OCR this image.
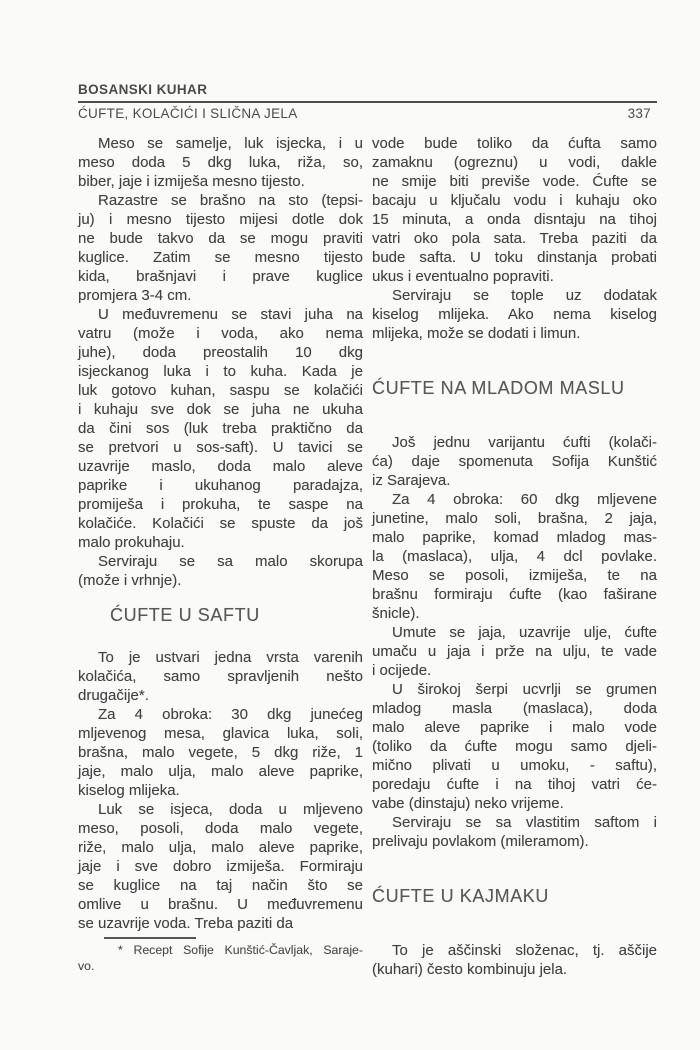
BOSANSKI KUHAR
ĆUFTE, KOLAČIĆI I SLIČNA JELA	337
Meso se samelje, luk isjecka, i u
meso doda 5 dkg luka, riža, so,
biber, jaje i izmiješa mesno tijesto.
Razastre se brašno na sto (tepsi-
ju) i mesno tijesto mijesi dotle dok
ne bude takvo da se mogu praviti
kuglice. Zatim se mesno tijesto
kida, brašnjavi i prave kuglice
promjera 3-4 cm.
U međuvremenu se stavi juha na
vatru (može i voda, ako nema
juhe), doda preostalih 10 dkg
isjeckanog luka i to kuha. Kada je
luk gotovo kuhan, saspu se kolačići
i kuhaju sve dok se juha ne ukuha
da čini sos (luk treba praktično da
se pretvori u sos-saft). U tavici se
uzavrije maslo, doda malo aleve
paprike i ukuhanog paradajza,
promiješa i prokuha, te saspe na
kolačiće. Kolačići se spuste da još
malo prokuhaju.
Serviraju se sa malo skorupa
(može i vrhnje).
ĆUFTE U SAFTU
To je ustvari jedna vrsta varenih
kolačića, samo spravljenih nešto
drugačije*.
Za 4 obroka: 30 dkg junećeg
mljevenog mesa, glavica luka, soli,
brašna, malo vegete, 5 dkg riže, 1
jaje, malo ulja, malo aleve paprike,
kiselog mlijeka.
Luk se isjeca, doda u mljeveno
meso, posoli, doda malo vegete,
riže, malo ulja, malo aleve paprike,
jaje i sve dobro izmiješa. Formiraju
se kuglice na taj način što se
omlive u brašnu. U međuvremenu
se uzavrije voda. Treba paziti da
* Recept Sofije Kunštić-Čavljak, Saraje-
vo.
vode bude toliko da ćufta samo
zamaknu (ogreznu) u vodi, dakle
ne smije biti previše vode. Ćufte se
bacaju u ključalu vodu i kuhaju oko
15 minuta, a onda disntaju na tihoj
vatri oko pola sata. Treba paziti da
bude safta. U toku dinstanja probati
ukus i eventualno popraviti.
Serviraju se tople uz dodatak
kiselog mlijeka. Ako nema kiselog
mlijeka, može se dodati i limun.
ĆUFTE NA MLADOM MASLU
Još jednu varijantu ćufti (kolači-
ća) daje spomenuta Sofija Kunštić
iz Sarajeva.
Za 4 obroka: 60 dkg mljevene
junetine, malo soli, brašna, 2 jaja,
malo paprike, komad mladog mas-
la (maslaca), ulja, 4 dcl povlake.
Meso se posoli, izmiješa, te na
brašnu formiraju ćufte (kao faširane
šnicle).
Umute se jaja, uzavrije ulje, ćufte
umaču u jaja i prže na ulju, te vade
i ocijede.
U širokoj šerpi ucvrlji se grumen
mladog masla (maslaca), doda
malo aleve paprike i malo vode
(toliko da ćufte mogu samo djeli-
mično plivati u umoku, - saftu),
poredaju ćufte i na tihoj vatri će-
vabe (dinstaju) neko vrijeme.
Serviraju se sa vlastitim saftom i
prelivaju povlakom (mileramom).
ĆUFTE U KAJMAKU
To je aščinski složenac, tj. aščije
(kuhari) često kombinuju jela.
